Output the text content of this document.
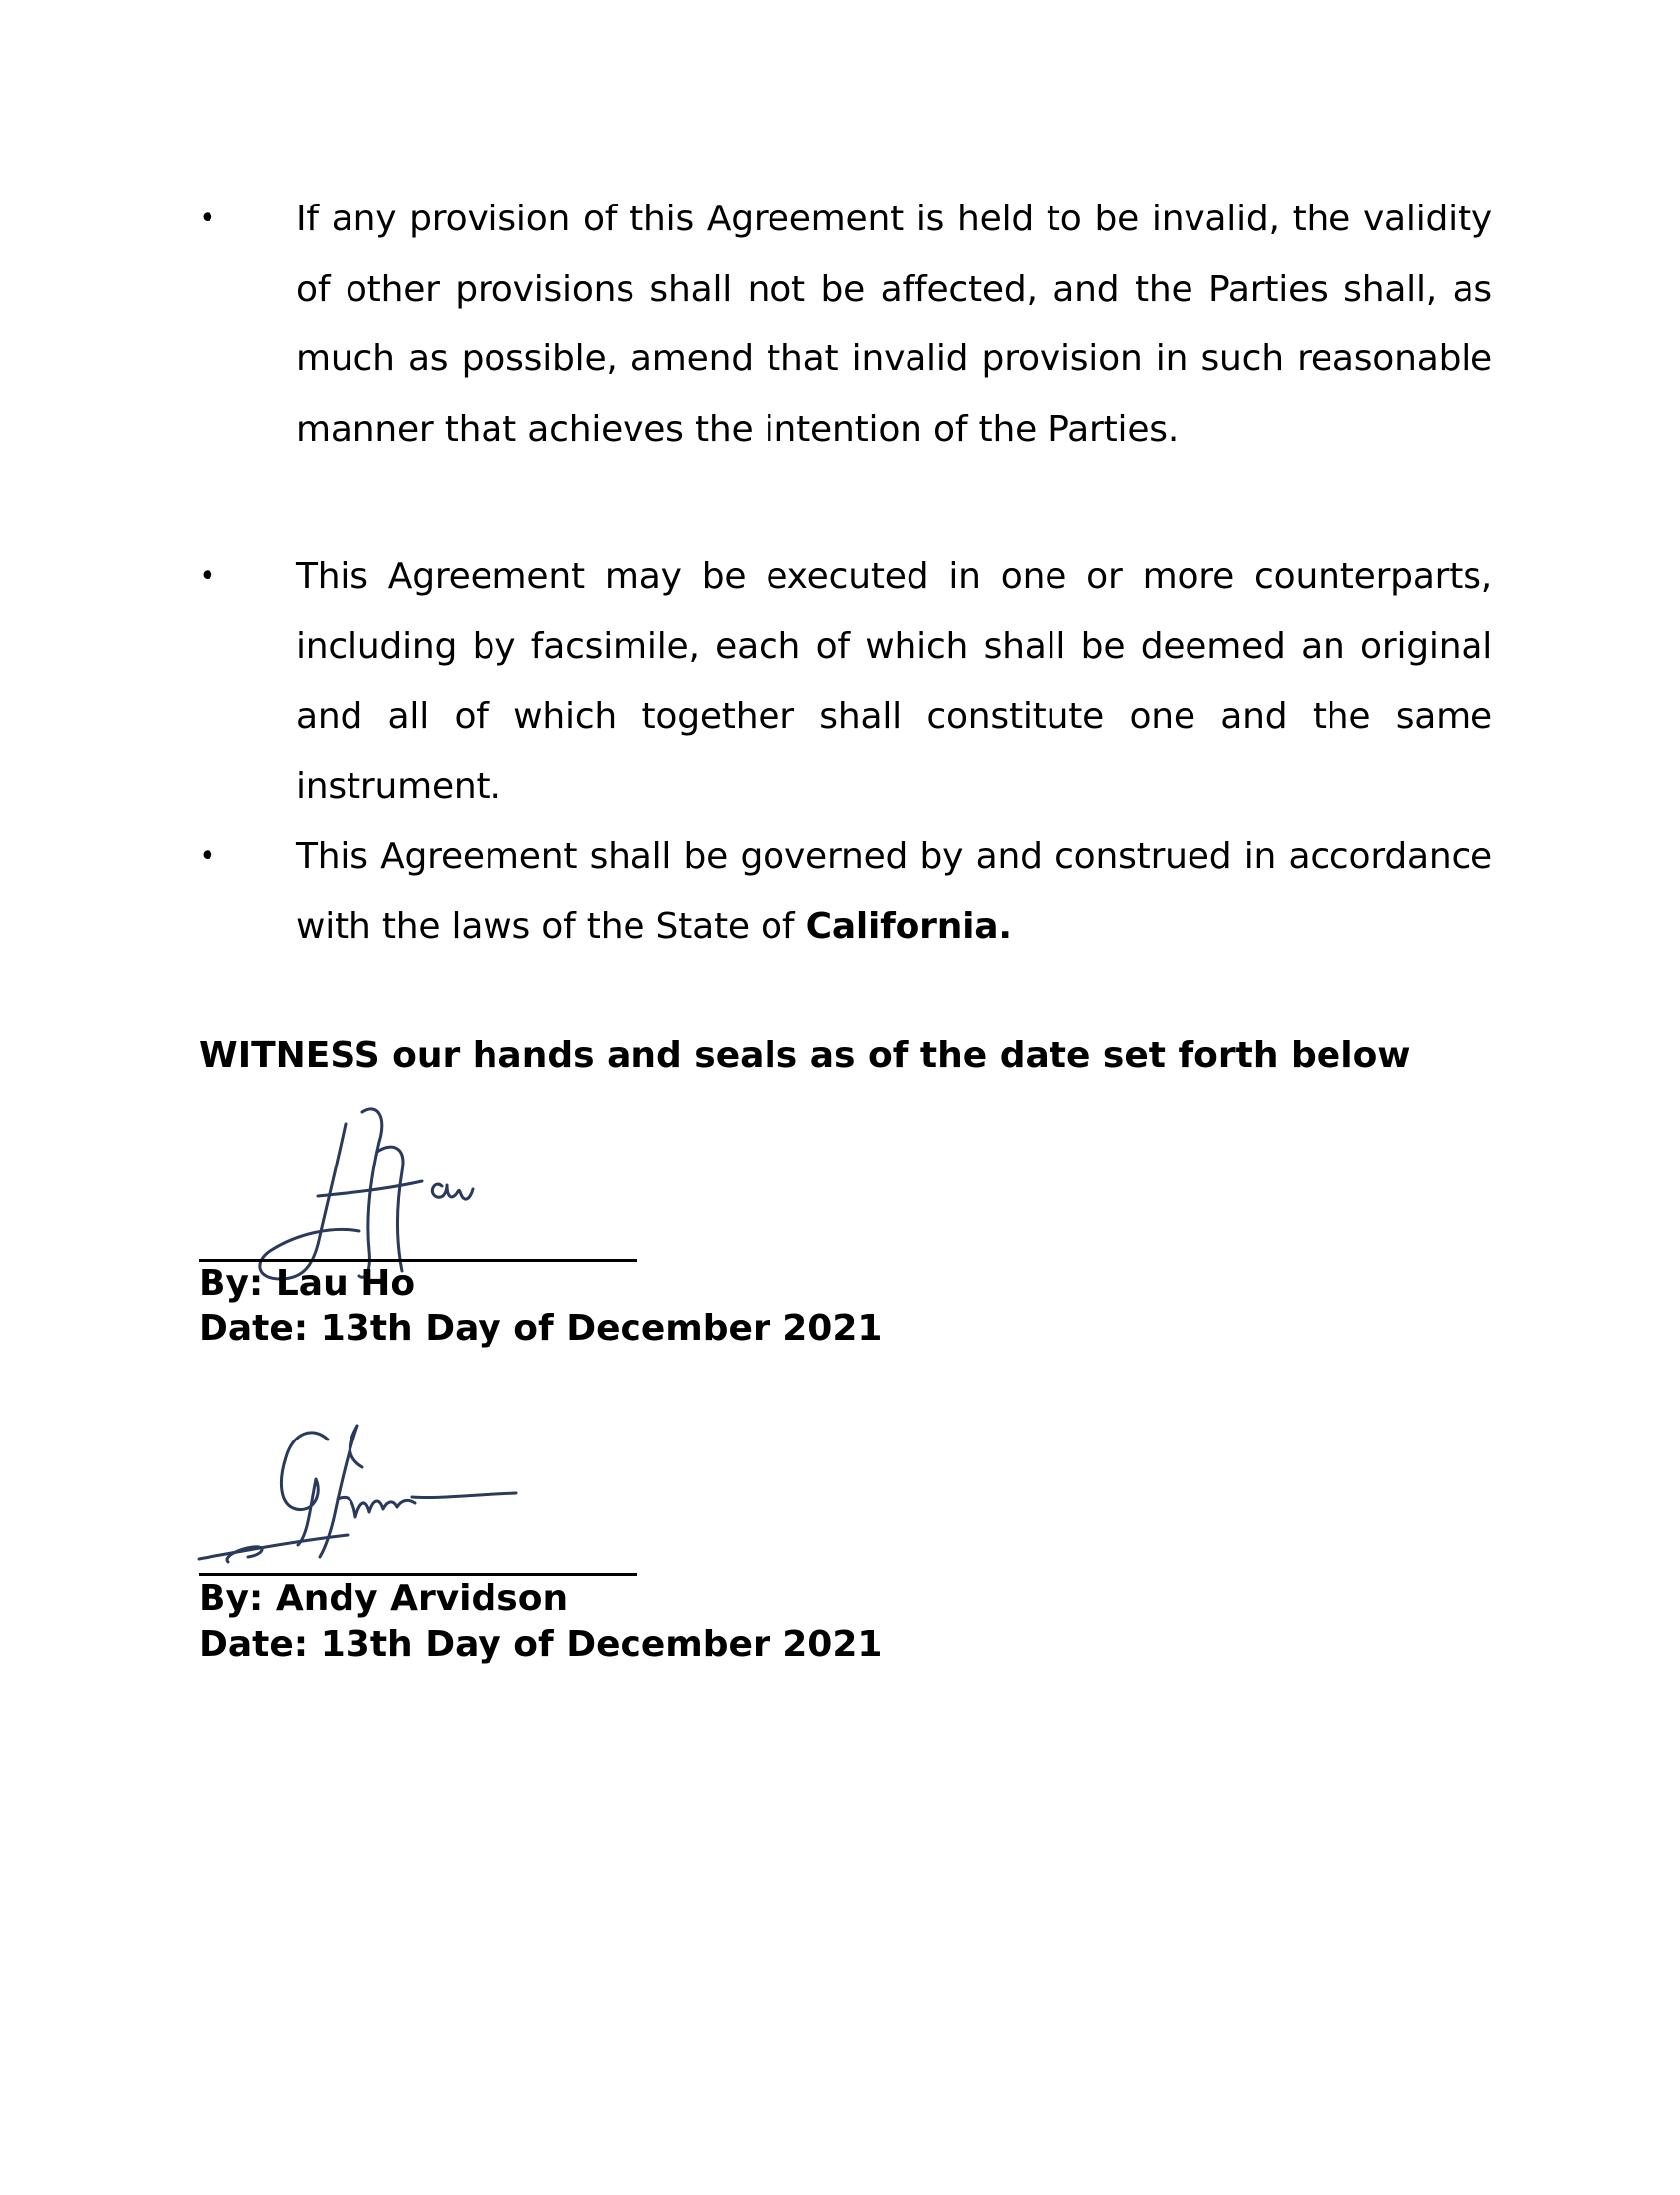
• If any provision of this Agreement is held to be invalid, the validity of other provisions shall not be affected, and the Parties shall, as much as possible, amend that invalid provision in such reasonable manner that achieves the intention of the Parties.
• This Agreement may be executed in one or more counterparts, including by facsimile, each of which shall be deemed an original and all of which together shall constitute one and the same instrument.
• This Agreement shall be governed by and construed in accordance with the laws of the State of California.
WITNESS our hands and seals as of the date set forth below
By: Lau Ho
Date: 13th Day of December 2021
By: Andy Arvidson
Date: 13th Day of December 2021
